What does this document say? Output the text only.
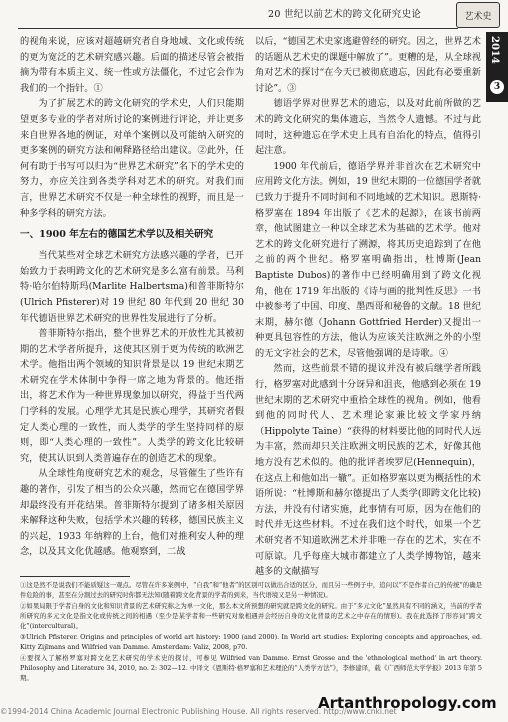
20 世纪以前艺术的跨文化研究史论	艺术史
2014
3

的视角来说，应该对超越研究者自身地域、文化或传统的更为宽泛的艺术研究感兴趣。后面的描述尽管会被指摘为带有本质主义、统一性或方法僵化，不过它会作为我们的一个指针。①

为了扩展艺术的跨文化研究的学术史，人们只能期望更多专业的学者对所讨论的案例进行评论，并让更多来自世界各地的例证，对单个案例以及可能纳入研究的更多案例的研究方法和阐释路径给出建议。②此外，任何有助于书写可以归为“世界艺术研究”名下的学术史的努力，亦应关注到各类学科对艺术的研究。对我们而言，世界艺术研究不仅是一种全球性的视野，而且是一种多学科的研究方法。

一、1900 年左右的德国艺术学以及相关研究

当代某些对全球艺术研究方法感兴趣的学者，已开始致力于表明跨文化的艺术研究是多么富有前景。马利特·哈尔伯特斯玛(Marlite Halbertsma)和普菲斯特尔(Ulrich Pfisterer)对 19 世纪 80 年代到 20 世纪 30 年代德语世界艺术研究的世界性发展进行了分析。

普菲斯特尔指出，整个世界艺术的开放性尤其被初期的艺术学者所提升，这使其区别于更为传统的欧洲艺术学。他指出两个领域的知识背景是以 19 世纪末期艺术研究在学术体制中争得一席之地为背景的。他还指出，将艺术作为一种世界现象加以研究，得益于当代两门学科的发展。心理学尤其是民族心理学，其研究者假定人类心理的一致性，而人类学的学生坚持同样的原则，即“人类心理的一致性”。人类学的跨文化比较研究，使其认识到人类普遍存在的创造艺术的现象。

从全球性角度研究艺术的观念，尽管催生了些许有趣的著作，引发了相当的公众兴趣，然而它在德国学界却最终没有开花结果。普菲斯特尔提到了诸多相关原因来解释这种失败，包括学术兴趣的转移，德国民族主义的兴起，1933 年纳粹的上台，他们对推利安人种的理念，以及其文化优越感。他观察到，二战

以后，“德国艺术史家逃避曾经的研究。因之，世界艺术的话题从艺术史的课题中解放了”。更糟的是，从全球视角对艺术的探讨“在今天已被彻底遗忘，因此有必要重新讨论”。③

德语学界对世界艺术的遗忘，以及对此前所做的艺术的跨文化研究的集体遗忘，当然令人遗憾。不过与此同时，这种遗忘在学术史上具有自治化的特点，值得引起注意。

1900 年代前后，德语学界并非首次在艺术研究中应用跨文化方法。例如，19 世纪末期的一位德国学者就已致力于提升不同时间和不同地域的艺术知识。恩斯特·格罗塞在 1894 年出版了《艺术的起源》，在该书前两章，他试图建立一种以全球艺术为基础的艺术学。他对艺术的跨文化研究进行了溯源，将其历史追踪到了在他之前的两个世纪。格罗塞明确指出，杜博斯(Jean Baptiste Dubos)的著作中已经明确用到了跨文化视角，他在 1719 年出版的《诗与画的批判性反思》一书中被参考了中国、印度、墨西哥和秘鲁的文献。18 世纪末期，赫尔德（Johann Gottfried Herder)又提出一种更具包容性的方法，他认为应该关注欧洲之外的小型的无文字社会的艺术，尽管他强调的是诗歌。④

然而，这些前景不错的提议并没有被后继学者所践行，格罗塞对此感到十分讶异和沮丧，他感到必须在 19 世纪末期的艺术研究中重拾全球性的视角。例如，他看到他的同时代人、艺术理论家兼比较文学家丹纳（Hippolyte Taine）“获得的材料要比他的同时代人远为丰富，然而却只关注欧洲文明民族的艺术，好像其他地方没有艺术似的。他的批评者埃罗尼(Hennequin)，在这点上和他如出一辙”。正如格罗塞以更为概括性的术语所说：“杜博斯和赫尔德提出了人类学(即跨文化比较)方法，并没有付诸实施，此事情有可原，因为在他们的时代并无这些材料。不过在我们这个时代，如果一个艺术研究者不知道欧洲艺术并非唯一存在的艺术，实在不可原谅。几乎每座大城市都建立了人类学博物馆，越来越多的文献描写

①这是然不是说我们不能质疑这一观点。尽管在许多案例中，“自我”和“他者”的区别可以做出合适的区分，而且另一些例子中，追问以“不是作者自己的传统”的确是件危险的事，甚至在分割过去的研究时你都无法知(随着跨文化背景的学者的到来，当代语境又是另一种情况)。

②如果局限于学者自身的文化和知识背景的艺术研究称之为单一文化，那么本文所预想的研究就是跨文化的研究。由于“多元文化”显然具有不同的涵义，当前的学者所研究的多元文化是指文化或传统之间的相遇（至少是某学者和一些研究对象相遇并会经历自身的文化背景的艺术之中存在的情形)。我在此选择了形容词“跨文化”(intercultural)。

③Ulrich Pfisterer. Origins and principles of world art history: 1900 (and 2000). In World art studies: Exploring concepts and approaches, ed. Kitty Zijlmans and Wilfried van Damme. Amsterdam: Valiz, 2008, p70.

④要探入了解格罗塞对跨文化艺术研究的学术史的探讨，可参见 Wilfried van Damme. Ernst Grosse and the 'ethnological method' in art theory. Philosophy and Literature 34, 2010, no. 2: 302—12. 中译文《恩斯特·格罗塞和艺术理论的“人类学方法”》，李修建译，载《广西师范大学学报》2013 年第 5 期。

©1994-2014 China Academic Journal Electronic Publishing House. All rights reserved. http://www.cnki.net
Artanthropology.com
